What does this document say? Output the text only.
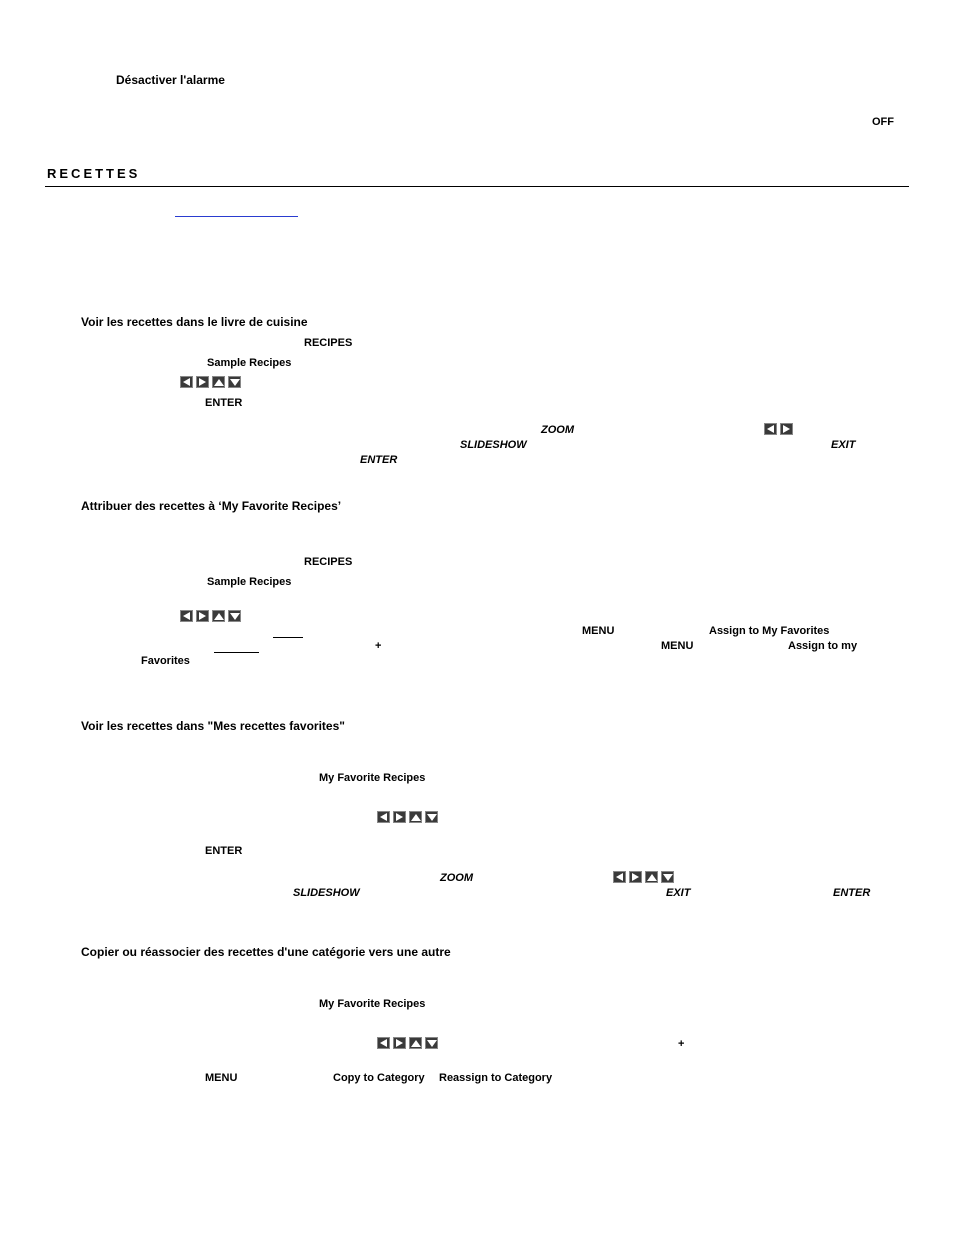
Désactiver l'alarme
OFF
RECETTES
Voir les recettes dans le livre de cuisine
RECIPES
Sample Recipes
ENTER
ZOOM
SLIDESHOW	EXIT
ENTER
Attribuer des recettes à ‘My Favorite Recipes’
RECIPES
Sample Recipes
MENU	Assign to My Favorites
+	MENU	Assign to my
Favorites
Voir les recettes dans "Mes recettes favorites"
My Favorite Recipes
ENTER
ZOOM
SLIDESHOW	EXIT	ENTER
Copier ou réassocier des recettes d'une catégorie vers une autre
My Favorite Recipes
+
MENU	Copy to Category Reassign to Category
